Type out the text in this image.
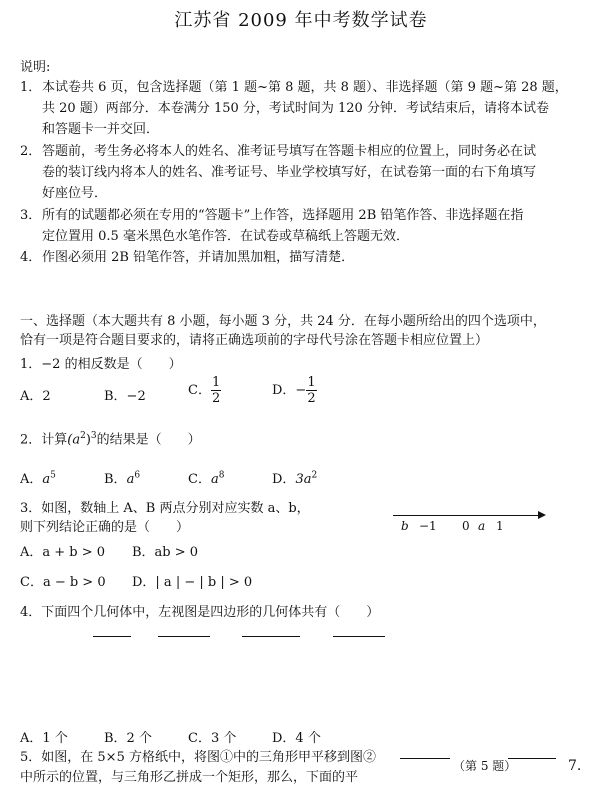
江苏省 2009 年中考数学试卷
说明:
1． 本试卷共 6 页，包含选择题（第 1 题~第 8 题，共 8 题）、非选择题（第 9 题~第 28 题，
共 20 题）两部分．本卷满分 150 分，考试时间为 120 分钟．考试结束后，请将本试卷
和答题卡一并交回．
2． 答题前，考生务必将本人的姓名、准考证号填写在答题卡相应的位置上，同时务必在试
卷的装订线内将本人的姓名、准考证号、毕业学校填写好，在试卷第一面的右下角填写
好座位号．
3． 所有的试题都必须在专用的“答题卡”上作答，选择题用 2B 铅笔作答、非选择题在指
定位置用 0.5 毫米黑色水笔作答．在试卷或草稿纸上答题无效．
4． 作图必须用 2B 铅笔作答，并请加黑加粗，描写清楚．
一、选择题（本大题共有 8 小题，每小题 3 分，共 24 分．在每小题所给出的四个选项中，
恰有一项是符合题目要求的，请将正确选项前的字母代号涂在答题卡相应位置上）
1．−2 的相反数是（　　）
A．2	B．−2	C． $\frac{1}{2}$	D．− $\frac{1}{2}$
2．计算$(a^2)^3$的结果是（　　）
A．$a^5$	B．$a^6$	C．$a^8$	D．$3a^2$
3．如图，数轴上 A、B 两点分别对应实数 a、b，
则下列结论正确的是（　　）
A．a + b > 0 B．ab > 0
C．a − b > 0 D．| a | − | b | > 0
b −1 0 a 1
4．下面四个几何体中，左视图是四边形的几何体共有（　　）
A．1 个	B．2 个	C．3 个	D．4 个
5．如图，在 5×5 方格纸中，将图①中的三角形甲平移到图②
中所示的位置，与三角形乙拼成一个矩形，那么，下面的平
（第 5 题）	7.
